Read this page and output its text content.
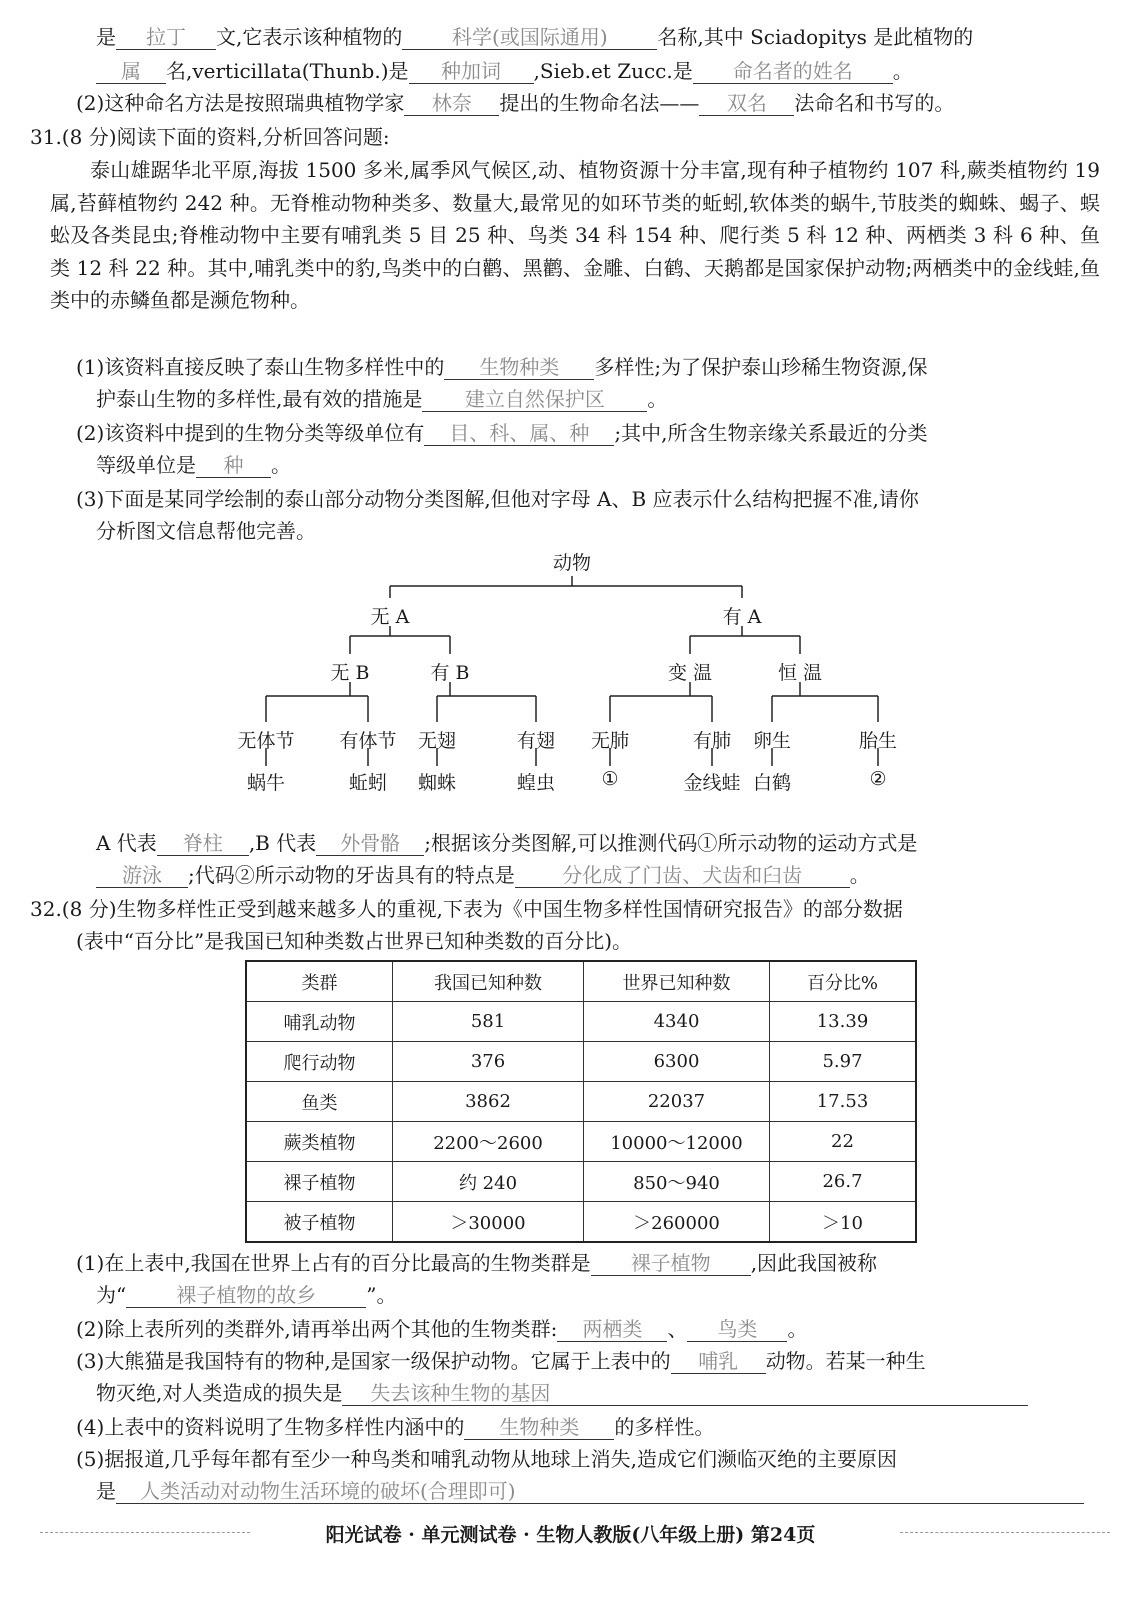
是 拉丁 文,它表示该种植物的 科学(或国际通用) 名称,其中 Sciadopitys 是此植物的
属 名,verticillata(Thunb.)是 种加词 ,Sieb.et Zucc.是 命名者的姓名 。
(2)这种命名方法是按照瑞典植物学家 林奈 提出的生物命名法—— 双名 法命名和书写的。
31.(8 分)阅读下面的资料,分析回答问题:
泰山雄踞华北平原,海拔 1500 多米,属季风气候区,动、植物资源十分丰富,现有种子植物约 107 科,蕨类植物约 19 属,苔藓植物约 242 种。无脊椎动物种类多、数量大,最常见的如环节类的蚯蚓,软体类的蜗牛,节肢类的蜘蛛、蝎子、蜈蚣及各类昆虫;脊椎动物中主要有哺乳类 5 目 25 种、鸟类 34 科 154 种、爬行类 5 科 12 种、两栖类 3 科 6 种、鱼类 12 科 22 种。其中,哺乳类中的豹,鸟类中的白鹳、黑鹳、金雕、白鹤、天鹅都是国家保护动物;两栖类中的金线蛙,鱼类中的赤鳞鱼都是濒危物种。
(1)该资料直接反映了泰山生物多样性中的 生物种类 多样性;为了保护泰山珍稀生物资源,保
护泰山生物的多样性,最有效的措施是 建立自然保护区 。
(2)该资料中提到的生物分类等级单位有 目、科、属、种 ;其中,所含生物亲缘关系最近的分类
等级单位是 种 。
(3)下面是某同学绘制的泰山部分动物分类图解,但他对字母 A、B 应表示什么结构把握不准,请你
分析图文信息帮他完善。
动物
无 A	有 A
无 B	有 B	变 温	恒 温
无体节 有体节 无翅	有翅 无肺	有肺 卵生	胎生
蜗牛	蚯蚓 蜘蛛	蝗虫 ①	金线蛙 白鹤	②
A 代表 脊柱 ,B 代表 外骨骼 ;根据该分类图解,可以推测代码①所示动物的运动方式是
游泳 ;代码②所示动物的牙齿具有的特点是 分化成了门齿、犬齿和臼齿 。
32.(8 分)生物多样性正受到越来越多人的重视,下表为《中国生物多样性国情研究报告》的部分数据
(表中“百分比”是我国已知种类数占世界已知种类数的百分比)。
类群	我国已知种数	世界已知种数	百分比%
哺乳动物	581	4340	13.39
爬行动物	376	6300	5.97
鱼类	3862	22037	17.53
蕨类植物	2200～2600	10000～12000	22
裸子植物	约 240	850～940	26.7
被子植物	＞30000	＞260000	＞10
(1)在上表中,我国在世界上占有的百分比最高的生物类群是 裸子植物 ,因此我国被称
为“	裸子植物的故乡	”。
(2)除上表所列的类群外,请再举出两个其他的生物类群: 两栖类 、 鸟类 。
(3)大熊猫是我国特有的物种,是国家一级保护动物。它属于上表中的 哺乳 动物。若某一种生
物灭绝,对人类造成的损失是 失去该种生物的基因
(4)上表中的资料说明了生物多样性内涵中的 生物种类 的多样性。
(5)据报道,几乎每年都有至少一种鸟类和哺乳动物从地球上消失,造成它们濒临灭绝的主要原因
是 人类活动对动物生活环境的破坏(合理即可)
阳光试卷 · 单元测试卷 · 生物人教版(八年级上册) 第24页
